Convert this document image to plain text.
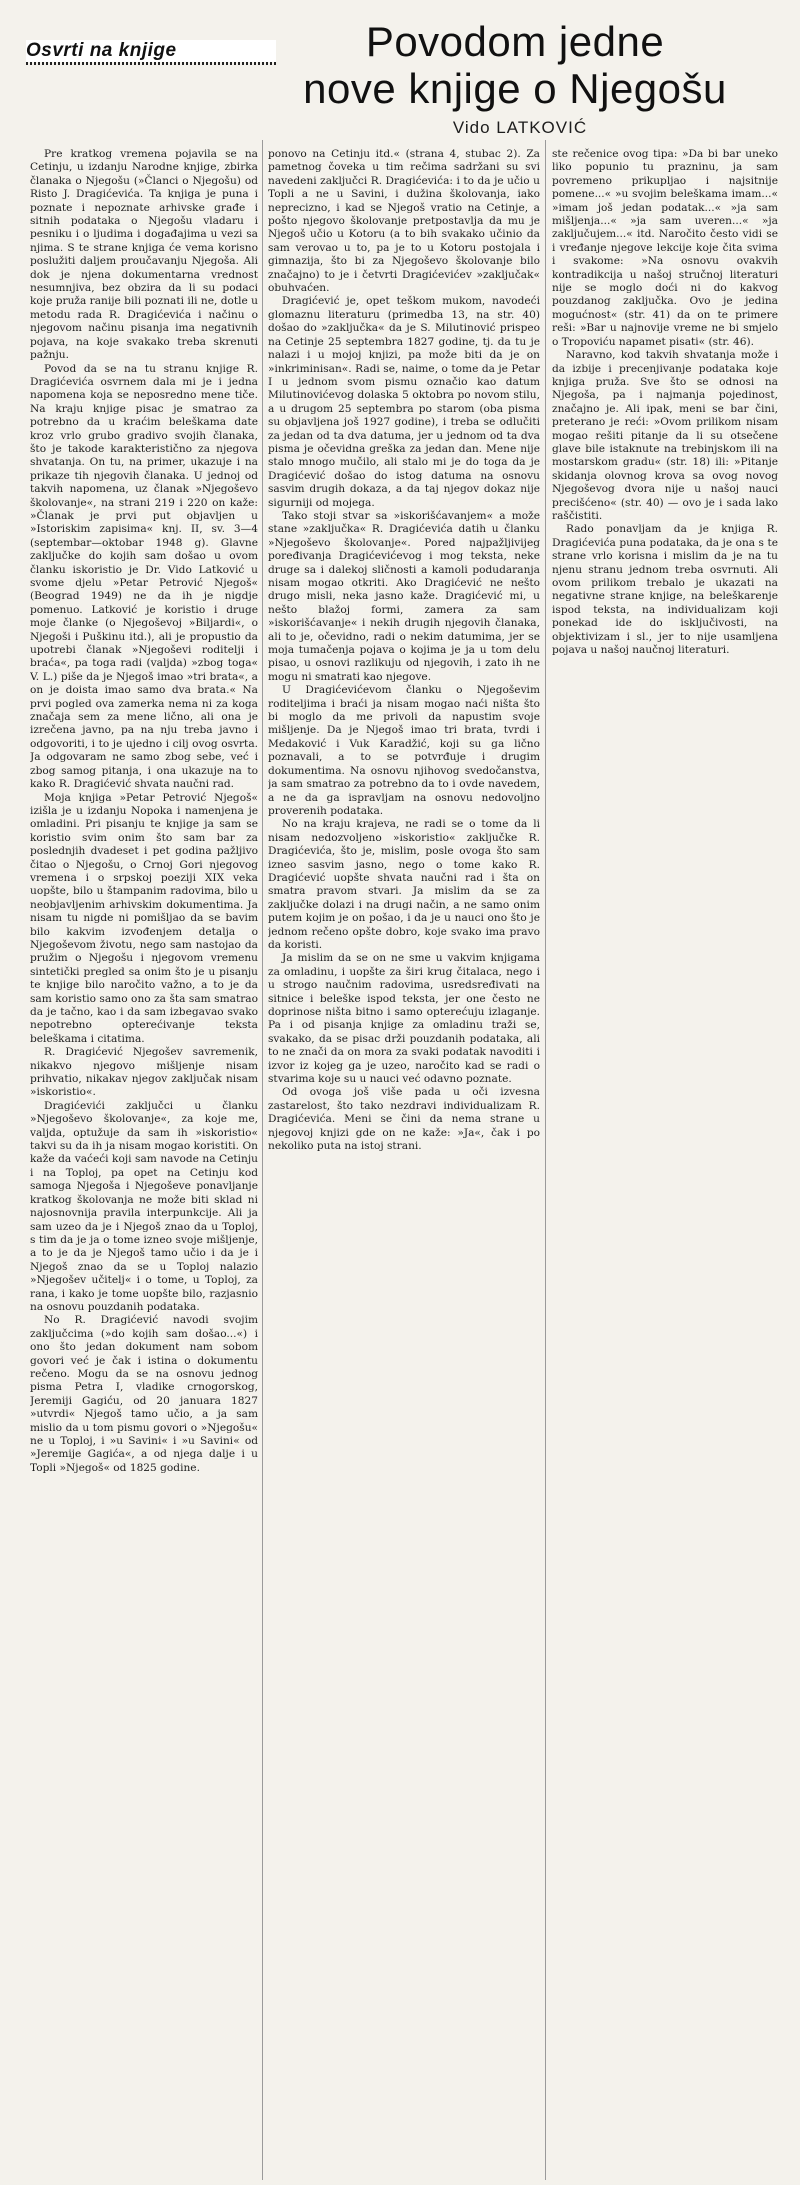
Osvrti na knjige	Povodom jedne
nove knjige o Njegošu
Vido LATKOVIĆ

Pre kratkog vremena pojavila se na Cetinju, u izdanju Narodne knjige, zbirka članaka o Njegošu (»Članci o Njegošu) od Risto J. Dragićevića. Ta knjiga je puna i poznate i nepoznate arhivske građe i sitnih podataka o Njegošu vladaru i pesniku i o ljudima i događajima u vezi sa njima. S te strane knjiga će vema korisno poslužiti daljem proučavanju Njegoša. Ali dok je njena dokumentarna vrednost nesumnjiva, bez obzira da li su podaci koje pruža ranije bili poznati ili ne, dotle u metodu rada R. Dragićevića i načinu o njegovom načinu pisanja ima negativnih pojava, na koje svakako treba skrenuti pažnju.

Povod da se na tu stranu knjige R. Dragićevića osvrnem dala mi je i jedna napomena koja se neposredno mene tiče. Na kraju knjige pisac je smatrao za potrebno da u kraćim beleškama date kroz vrlo grubo gradivo svojih članaka, što je takode karakteristično za njegova shvatanja. On tu, na primer, ukazuje i na prikaze tih njegovih članaka. U jednoj od takvih napomena, uz članak »Njegoševo školovanje«, na strani 219 i 220 on kaže: »Članak je prvi put objavljen u »Istoriskim zapisima« knj. II, sv. 3—4 (septembar—oktobar 1948 g). Glavne zaključke do kojih sam došao u ovom članku iskoristio je Dr. Vido Latković u svome djelu »Petar Petrović Njegoš« (Beograd 1949) ne da ih je nigdje pomenuo. Latković je koristio i druge moje članke (o Njegoševoj »Biljardi«, o Njegoši i Puškinu itd.), ali je propustio da upotrebi članak »Njegoševi roditelji i braća«, pa toga radi (valjda) »zbog toga« V. L.) piše da je Njegoš imao »tri brata«, a on je doista imao samo dva brata.« Na prvi pogled ova zamerka nema ni za koga značaja sem za mene lično, ali ona je izrečena javno, pa na nju treba javno i odgovoriti, i to je ujedno i cilj ovog osvrta. Ja odgovaram ne samo zbog sebe, već i zbog samog pitanja, i ona ukazuje na to kako R. Dragićević shvata naučni rad.

Moja knjiga »Petar Petrović Njegoš« izišla je u izdanju Nopoka i namenjena je omladini. Pri pisanju te knjige ja sam se koristio svim onim što sam bar za poslednjih dvadeset i pet godina pažljivo čitao o Njegošu, o Crnoj Gori njegovog vremena i o srpskoj poeziji XIX veka uopšte, bilo u štampanim radovima, bilo u neobjavljenim arhivskim dokumentima. Ja nisam tu nigde ni pomišljao da se bavim bilo kakvim izvođenjem detalja o Njegoševom životu, nego sam nastojao da pružim o Njegošu i njegovom vremenu sintetički pregled sa onim što je u pisanju te knjige bilo naročito važno, a to je da sam koristio samo ono za šta sam smatrao da je tačno, kao i da sam izbegavao svako nepotrebno opterećivanje teksta beleškama i citatima.

R. Dragićević Njegošev savremenik, nikakvo njegovo mišljenje nisam prihvatio, nikakav njegov zaključak nisam »iskoristio«.

Dragićevići zaključci u članku »Njegoševo školovanje«, za koje me, valjda, optužuje da sam ih »iskoristio« takvi su da ih ja nisam mogao koristiti. On kaže da vaćeći koji sam navode na Cetinju i na Toploj, pa opet na Cetinju kod samoga Njegoša i Njegoševe ponavljanje kratkog školovanja ne može biti sklad ni najosnovnija pravila interpunkcije. Ali ja sam uzeo da je i Njegoš znao da u Toploj, s tim da je ja o tome izneo svoje mišljenje, a to je da je Njegoš tamo učio i da je i Njegoš znao da se u Toploj nalazio »Njegošev učitelj« i o tome, u Toploj, za rana, i kako je tome uopšte bilo, razjasnio na osnovu pouzdanih podataka.

No R. Dragićević navodi svojim zaključcima (»do kojih sam došao...«) i ono što jedan dokument nam sobom govori već je čak i istina o dokumentu rečeno. Mogu da se na osnovu jednog pisma Petra I, vladike crnogorskog, Jeremiji Gagiću, od 20 januara 1827 »utvrdi« Njegoš tamo učio, a ja sam mislio da u tom pismu govori o »Njegošu« ne u Toploj, i »u Savini« i »u Savini« od »Jeremije Gagića«, a od njega dalje i u Topli »Njegoš« od 1825 godine.

ponovo na Cetinju itd.« (strana 4, stubac 2). Za pametnog čoveka u tim rečima sadržani su svi navedeni zaključci R. Dragićevića: i to da je učio u Topli a ne u Savini, i dužina školovanja, iako neprecizno, i kad se Njegoš vratio na Cetinje, a pošto njegovo školovanje pretpostavlja da mu je Njegoš učio u Kotoru (a to bih svakako učinio da sam verovao u to, pa je to u Kotoru postojala i gimnazija, što bi za Njegoševo školovanje bilo značajno) to je i četvrti Dragićevićev »zaključak« obuhvaćen.

Dragićević je, opet teškom mukom, navodeći glomaznu literaturu (primedba 13, na str. 40) došao do »zaključka« da je S. Milutinović prispeo na Cetinje 25 septembra 1827 godine, tj. da tu je nalazi i u mojoj knjizi, pa može biti da je on »inkriminisan«. Radi se, naime, o tome da je Petar I u jednom svom pismu označio kao datum Milutinovićevog dolaska 5 oktobra po novom stilu, a u drugom 25 septembra po starom (oba pisma su objavljena još 1927 godine), i treba se odlučiti za jedan od ta dva datuma, jer u jednom od ta dva pisma je očevidna greška za jedan dan. Mene nije stalo mnogo mučilo, ali stalo mi je do toga da je Dragićević došao do istog datuma na osnovu sasvim drugih dokaza, a da taj njegov dokaz nije sigurniji od mojega.

Tako stoji stvar sa »iskorišćavanjem« a može stane »zaključka« R. Dragićevića datih u članku »Njegoševo školovanje«. Pored najpažljivijeg poređivanja Dragićevićevog i mog teksta, neke druge sa i dalekoj sličnosti a kamoli podudaranja nisam mogao otkriti. Ako Dragićević ne nešto drugo misli, neka jasno kaže. Dragićević mi, u nešto blažoj formi, zamera za sam »iskorišćavanje« i nekih drugih njegovih članaka, ali to je, očevidno, radi o nekim datumima, jer se moja tumačenja pojava o kojima je ja u tom delu pisao, u osnovi razlikuju od njegovih, i zato ih ne mogu ni smatrati kao njegove.

U Dragićevićevom članku o Njegoševim roditeljima i braći ja nisam mogao naći ništa što bi moglo da me privoli da napustim svoje mišljenje. Da je Njegoš imao tri brata, tvrdi i Medaković i Vuk Karadžić, koji su ga lično poznavali, a to se potvrđuje i drugim dokumentima. Na osnovu njihovog svedočanstva, ja sam smatrao za potrebno da to i ovde navedem, a ne da ga ispravljam na osnovu nedovoljno proverenih podataka.

No na kraju krajeva, ne radi se o tome da li nisam nedozvoljeno »iskoristio« zaključke R. Dragićevića, što je, mislim, posle ovoga što sam izneo sasvim jasno, nego o tome kako R. Dragićević uopšte shvata naučni rad i šta on smatra pravom stvari. Ja mislim da se za zaključke dolazi i na drugi način, a ne samo onim putem kojim je on pošao, i da je u nauci ono što je jednom rečeno opšte dobro, koje svako ima pravo da koristi.

Ja mislim da se on ne sme u vakvim knjigama za omladinu, i uopšte za širi krug čitalaca, nego i u strogo naučnim radovima, usredsređivati na sitnice i beleške ispod teksta, jer one često ne doprinose ništa bitno i samo opterećuju izlaganje. Pa i od pisanja knjige za omladinu traži se, svakako, da se pisac drži pouzdanih podataka, ali to ne znači da on mora za svaki podatak navoditi i izvor iz kojeg ga je uzeo, naročito kad se radi o stvarima koje su u nauci već odavno poznate.

Od ovoga još više pada u oči izvesna zastarelost, što tako nezdravi individualizam R. Dragićevića. Meni se čini da nema strane u njegovoj knjizi gde on ne kaže: »Ja«, čak i po nekoliko puta na istoj strani.

ste rečenice ovog tipa: »Da bi bar uneko liko popunio tu prazninu, ja sam povremeno prikupljao i najsitnije pomene...« »u svojim beleškama imam...« »imam još jedan podatak...« »ja sam mišljenja...« »ja sam uveren...« »ja zaključujem...« itd. Naročito često vidi se i vređanje njegove lekcije koje čita svima i svakome: »Na osnovu ovakvih kontradikcija u našoj stručnoj literaturi nije se moglo doći ni do kakvog pouzdanog zaključka. Ovo je jedina mogućnost« (str. 41) da on te primere reši: »Bar u najnovije vreme ne bi smjelo o Tropoviću napamet pisati« (str. 46).

Naravno, kod takvih shvatanja može i da izbije i precenjivanje podataka koje knjiga pruža. Sve što se odnosi na Njegoša, pa i najmanja pojedinost, značajno je. Ali ipak, meni se bar čini, preterano je reći: »Ovom prilikom nisam mogao rešiti pitanje da li su otsečene glave bile istaknute na trebinjskom ili na mostarskom gradu« (str. 18) ili: »Pitanje skidanja olovnog krova sa ovog novog Njegoševog dvora nije u našoj nauci precišćeno« (str. 40) — ovo je i sada lako raščistiti.

Rado ponavljam da je knjiga R. Dragićevića puna podataka, da je ona s te strane vrlo korisna i mislim da je na tu njenu stranu jednom treba osvrnuti. Ali ovom prilikom trebalo je ukazati na negativne strane knjige, na beleškarenje ispod teksta, na individualizam koji ponekad ide do isključivosti, na objektivizam i sl., jer to nije usamljena pojava u našoj naučnoj literaturi.
